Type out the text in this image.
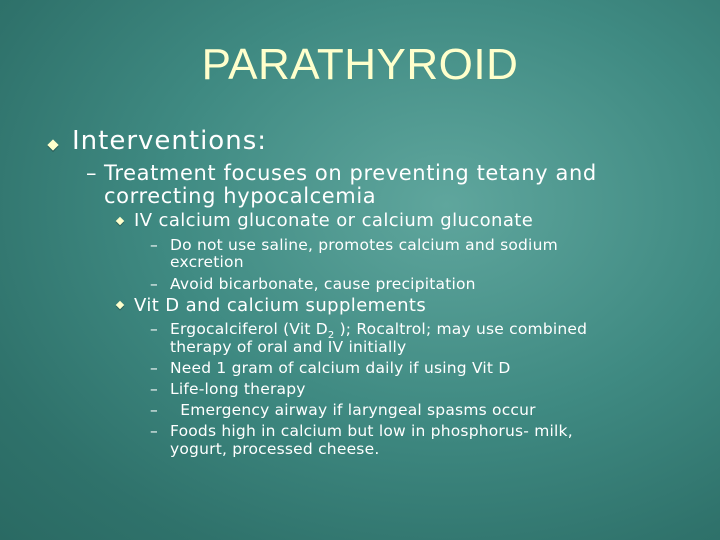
PARATHYROID
Interventions:
– Treatment focuses on preventing tetany and
correcting hypocalcemia
IV calcium gluconate or calcium gluconate
– Do not use saline, promotes calcium and sodium
excretion
– Avoid bicarbonate, cause precipitation
Vit D and calcium supplements
– Ergocalciferol (Vit $D_2$ ); Rocaltrol; may use combined
therapy of oral and IV initially
– Need 1 gram of calcium daily if using Vit D
– Life-long therapy
– Emergency airway if laryngeal spasms occur
– Foods high in calcium but low in phosphorus- milk,
yogurt, processed cheese.
